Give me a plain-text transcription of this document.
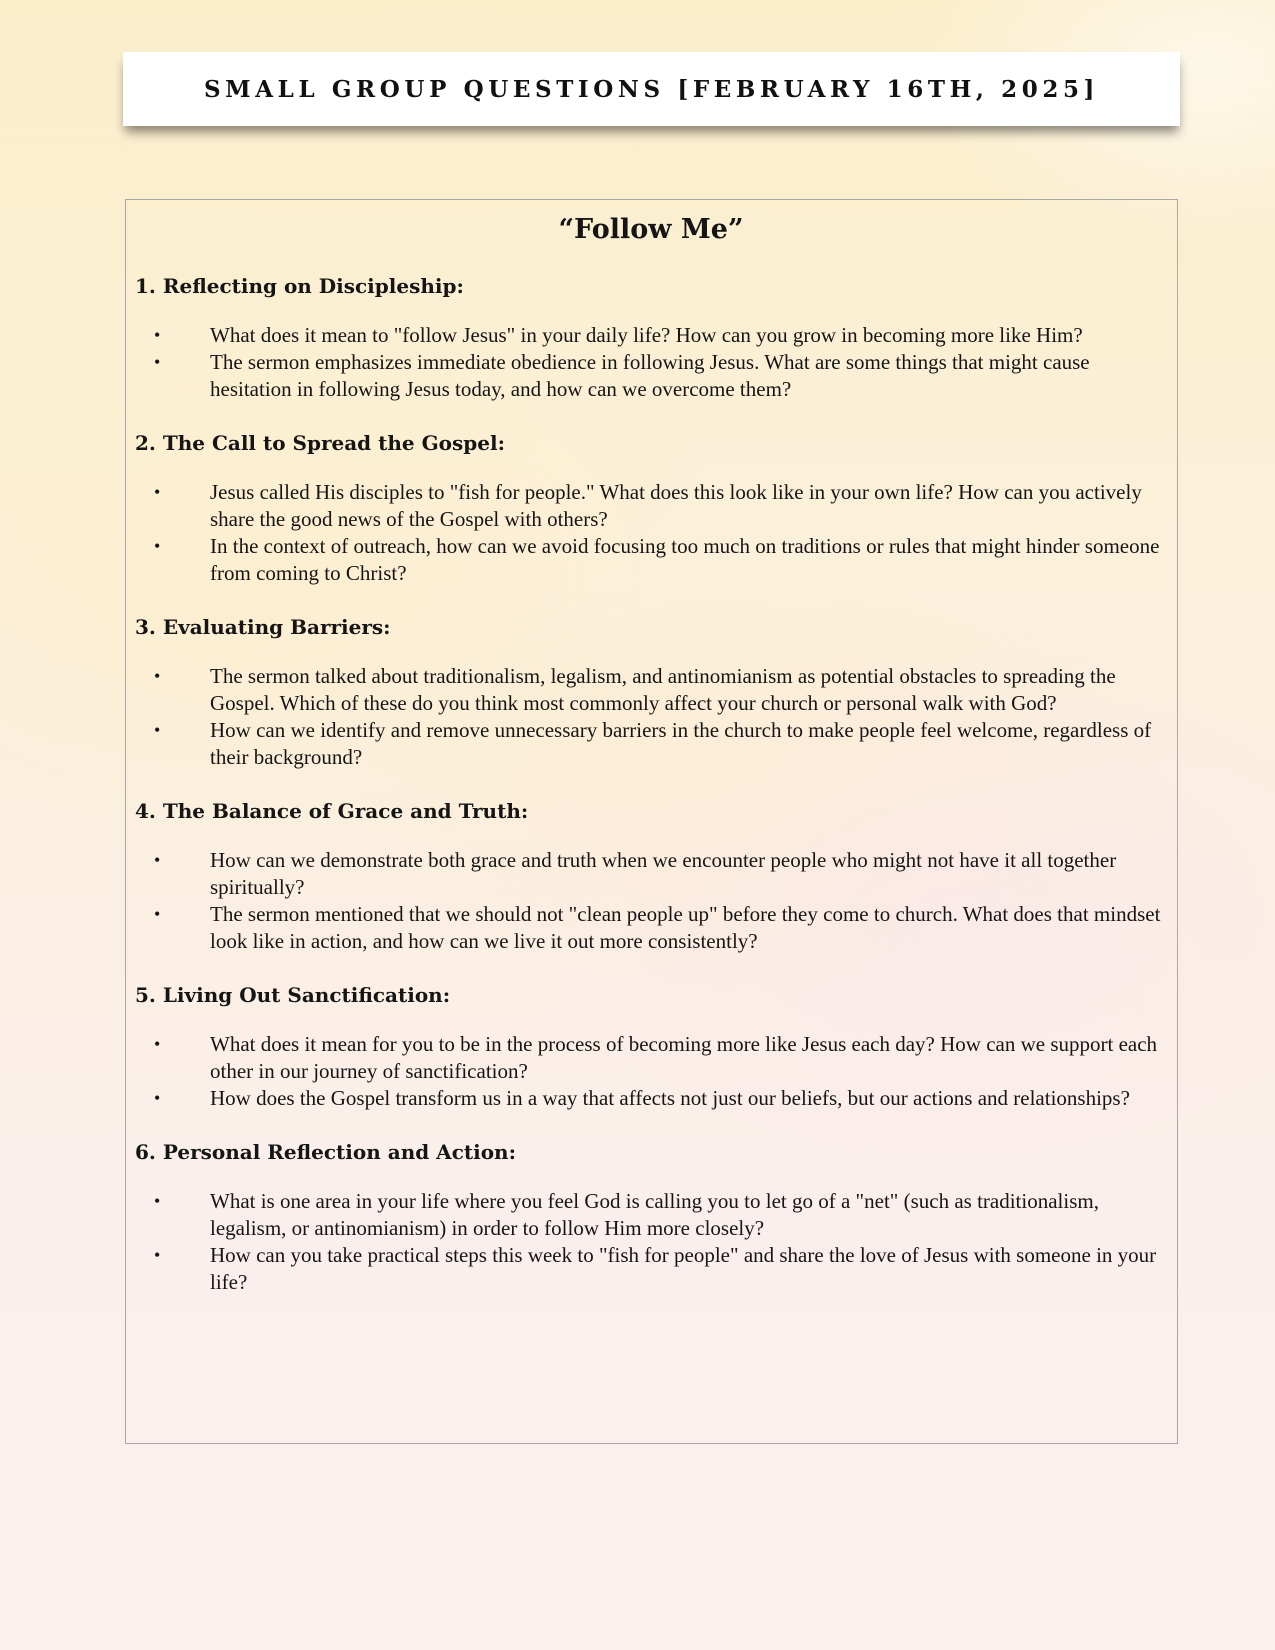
SMALL GROUP QUESTIONS [FEBRUARY 16TH, 2025]
“Follow Me”
1. Reflecting on Discipleship:
• What does it mean to "follow Jesus" in your daily life? How can you grow in becoming more like Him?
• The sermon emphasizes immediate obedience in following Jesus. What are some things that might cause hesitation in following Jesus today, and how can we overcome them?
2. The Call to Spread the Gospel:
• Jesus called His disciples to "fish for people." What does this look like in your own life? How can you actively share the good news of the Gospel with others?
• In the context of outreach, how can we avoid focusing too much on traditions or rules that might hinder someone from coming to Christ?
3. Evaluating Barriers:
• The sermon talked about traditionalism, legalism, and antinomianism as potential obstacles to spreading the Gospel. Which of these do you think most commonly affect your church or personal walk with God?
• How can we identify and remove unnecessary barriers in the church to make people feel welcome, regardless of their background?
4. The Balance of Grace and Truth:
• How can we demonstrate both grace and truth when we encounter people who might not have it all together spiritually?
• The sermon mentioned that we should not "clean people up" before they come to church. What does that mindset look like in action, and how can we live it out more consistently?
5. Living Out Sanctification:
• What does it mean for you to be in the process of becoming more like Jesus each day? How can we support each other in our journey of sanctification?
• How does the Gospel transform us in a way that affects not just our beliefs, but our actions and relationships?
6. Personal Reflection and Action:
• What is one area in your life where you feel God is calling you to let go of a "net" (such as traditionalism, legalism, or antinomianism) in order to follow Him more closely?
• How can you take practical steps this week to "fish for people" and share the love of Jesus with someone in your life?
